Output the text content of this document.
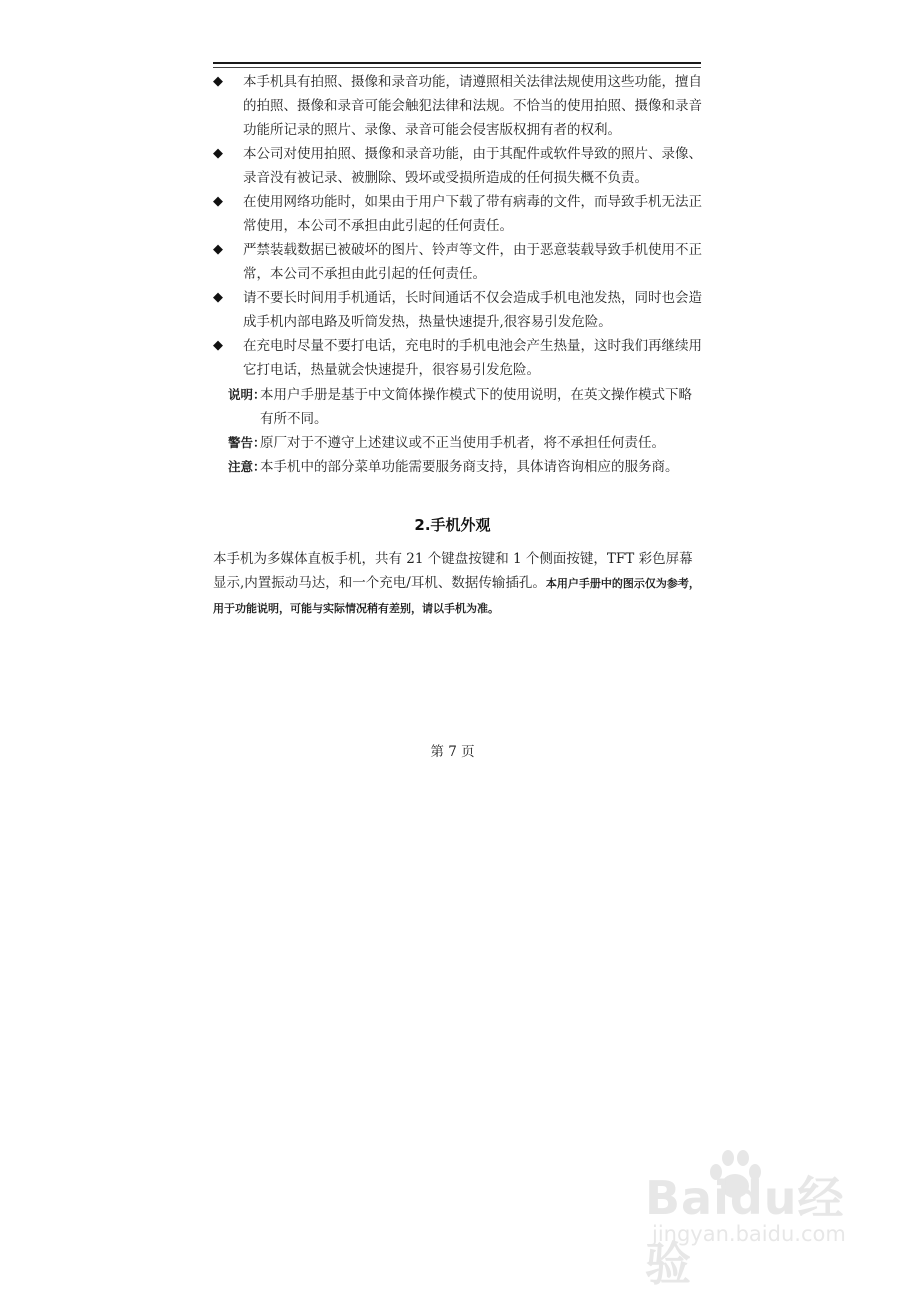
◆ 本手机具有拍照、摄像和录音功能，请遵照相关法律法规使用这些功能，擅自的拍照、摄像和录音可能会触犯法律和法规。不恰当的使用拍照、摄像和录音功能所记录的照片、录像、录音可能会侵害版权拥有者的权利。
◆ 本公司对使用拍照、摄像和录音功能，由于其配件或软件导致的照片、录像、录音没有被记录、被删除、毁坏或受损所造成的任何损失概不负责。
◆ 在使用网络功能时，如果由于用户下载了带有病毒的文件，而导致手机无法正常使用，本公司不承担由此引起的任何责任。
◆ 严禁装载数据已被破坏的图片、铃声等文件，由于恶意装载导致手机使用不正常，本公司不承担由此引起的任何责任。
◆ 请不要长时间用手机通话，长时间通话不仅会造成手机电池发热，同时也会造成手机内部电路及听筒发热，热量快速提升,很容易引发危险。
◆ 在充电时尽量不要打电话，充电时的手机电池会产生热量，这时我们再继续用它打电话，热量就会快速提升，很容易引发危险。
说明：
本用户手册是基于中文简体操作模式下的使用说明，在英文操作模式下略有所不同。
警告：
原厂对于不遵守上述建议或不正当使用手机者，将不承担任何责任。
注意：
本手机中的部分菜单功能需要服务商支持，具体请咨询相应的服务商。
2.手机外观
本手机为多媒体直板手机，共有 21 个键盘按键和 1 个侧面按键，TFT 彩色屏幕显示,内置振动马达，和一个充电/耳机、数据传输插孔。本用户手册中的图示仅为参考，用于功能说明，可能与实际情况稍有差别，请以手机为准。
第 7 页
Baidu经验
jingyan.baidu.com
